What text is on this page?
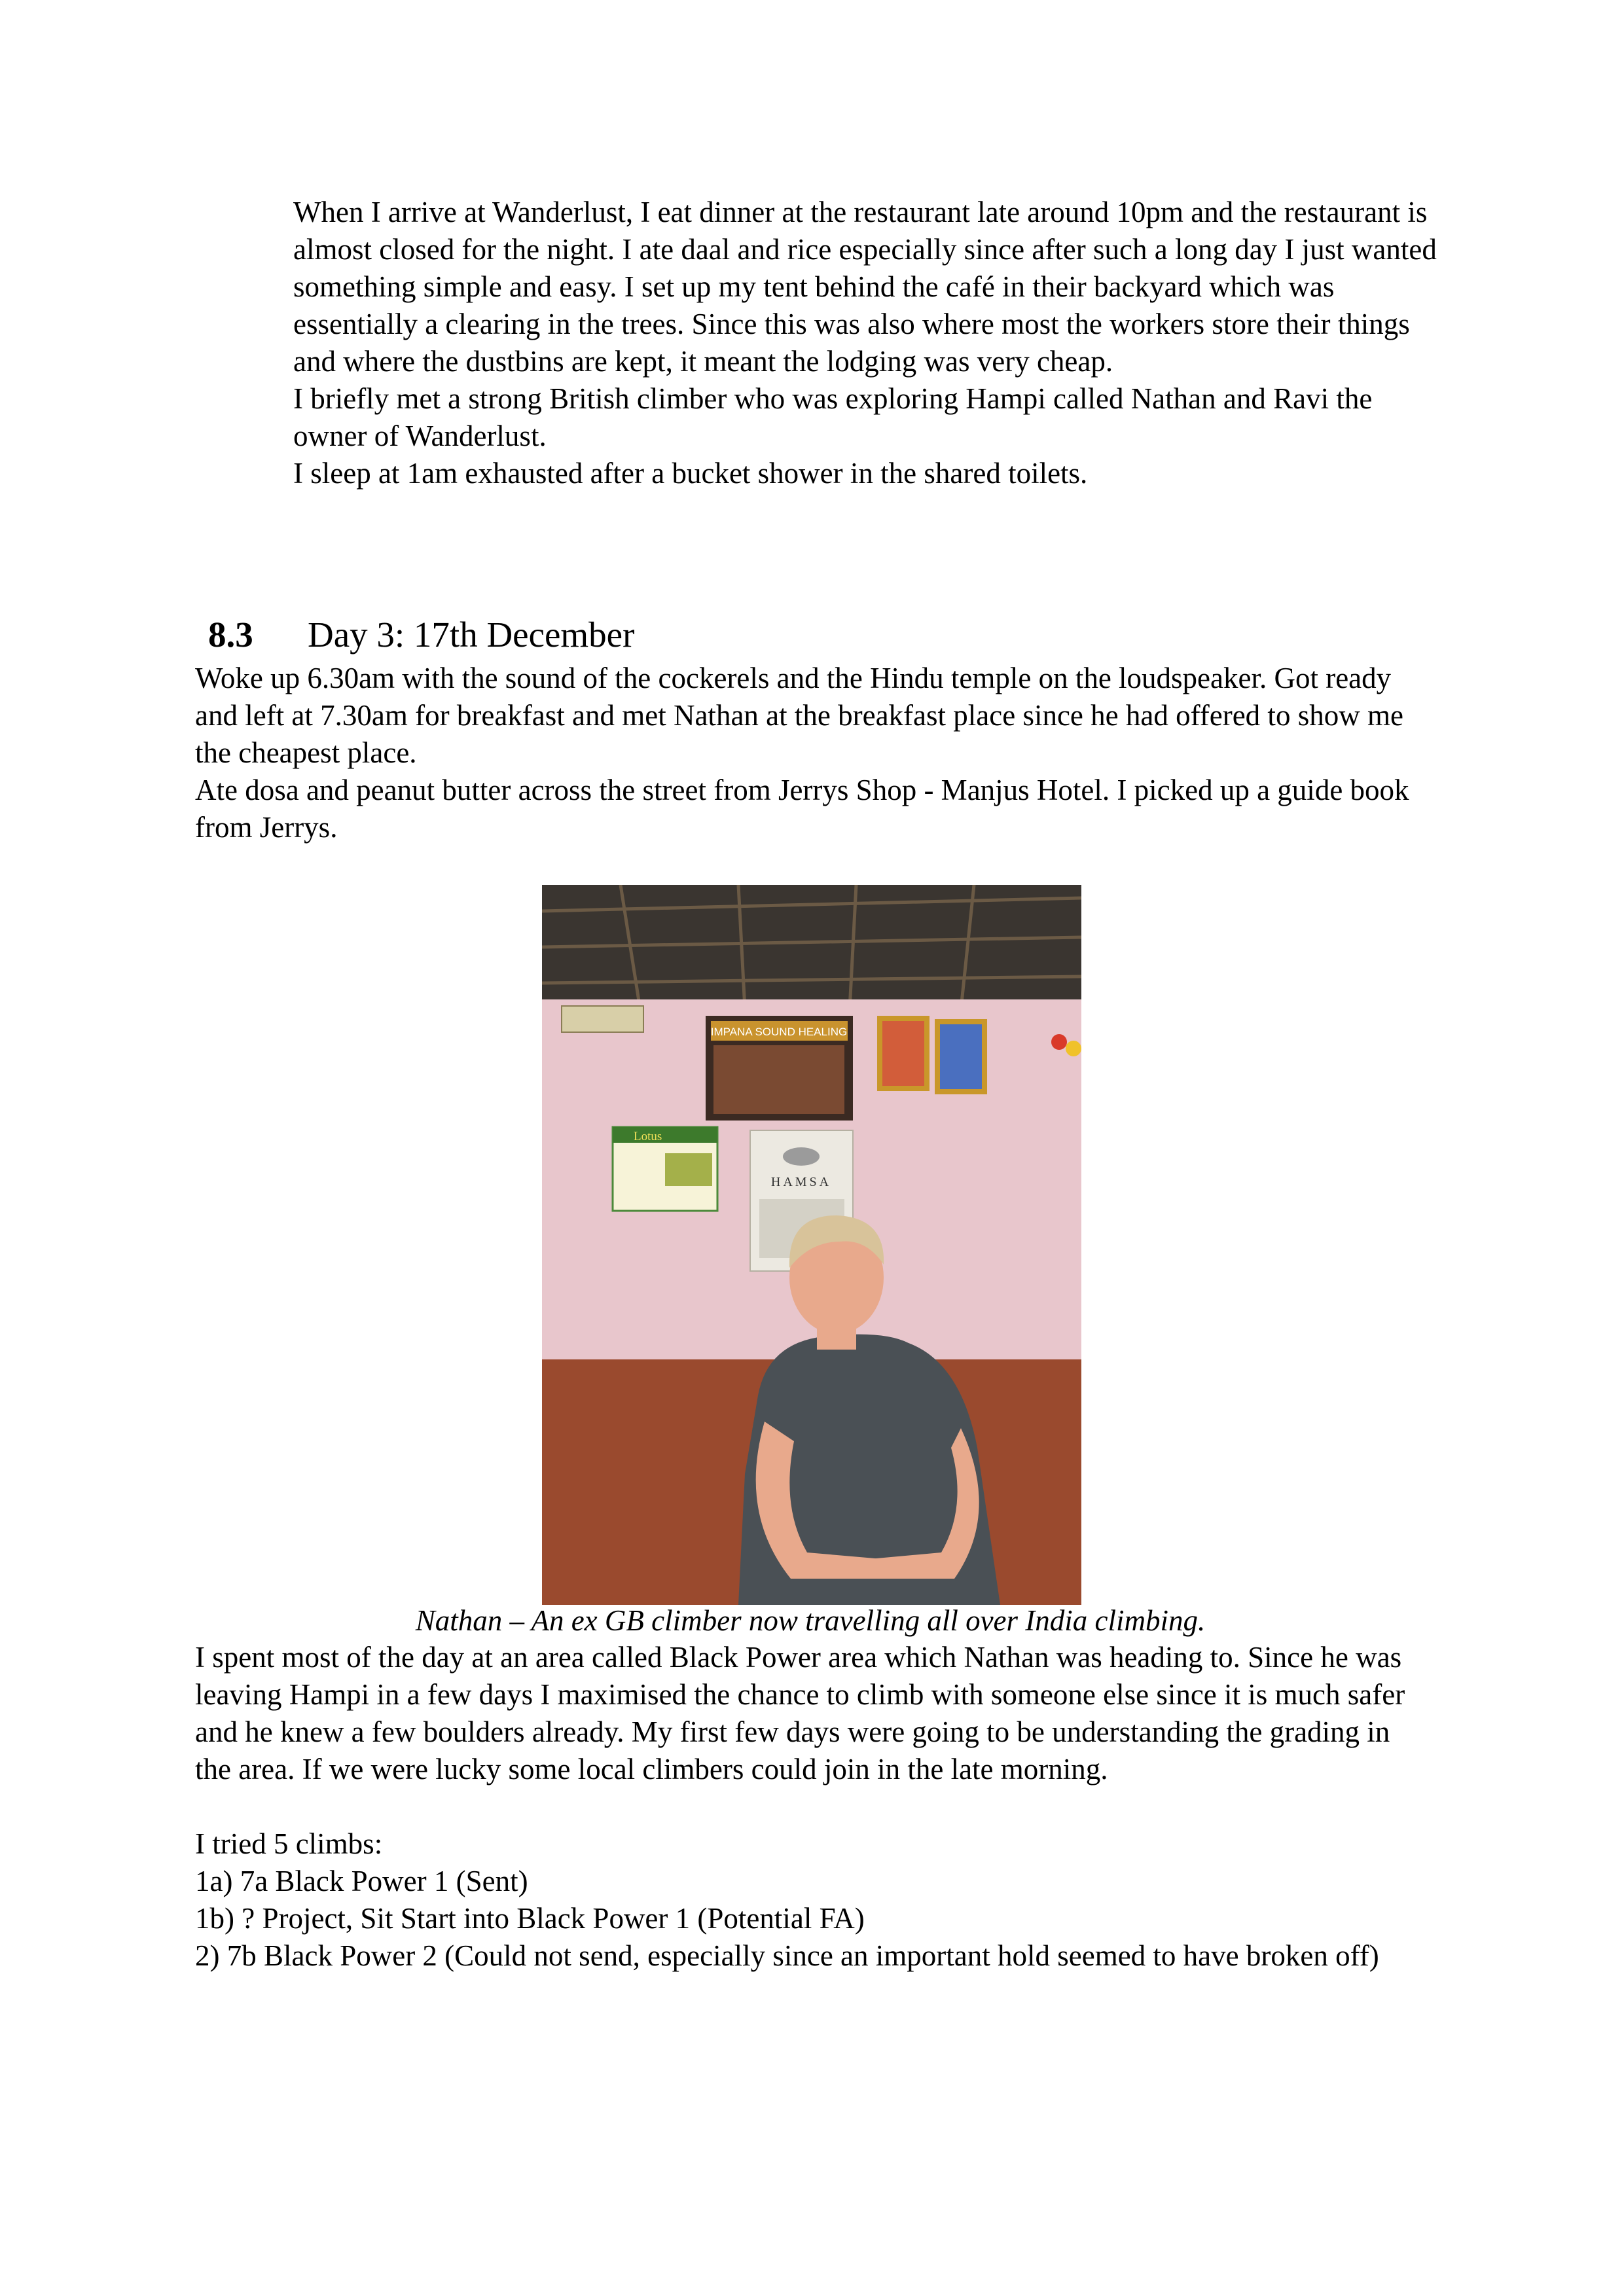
When I arrive at Wanderlust, I eat dinner at the restaurant late around 10pm and the restaurant is almost closed for the night. I ate daal and rice especially since after such a long day I just wanted something simple and easy. I set up my tent behind the café in their backyard which was essentially a clearing in the trees. Since this was also where most the workers store their things and where the dustbins are kept, it meant the lodging was very cheap.

I briefly met a strong British climber who was exploring Hampi called Nathan and Ravi the owner of Wanderlust.

I sleep at 1am exhausted after a bucket shower in the shared toilets.

8.3 Day 3: 17th December

Woke up 6.30am with the sound of the cockerels and the Hindu temple on the loudspeaker. Got ready and left at 7.30am for breakfast and met Nathan at the breakfast place since he had offered to show me the cheapest place.

Ate dosa and peanut butter across the street from Jerrys Shop - Manjus Hotel. I picked up a guide book from Jerrys.

IMPANA SOUND HEALING
Lotus
HAMSA
Nathan – An ex GB climber now travelling all over India climbing.

I spent most of the day at an area called Black Power area which Nathan was heading to. Since he was leaving Hampi in a few days I maximised the chance to climb with someone else since it is much safer and he knew a few boulders already. My first few days were going to be understanding the grading in the area. If we were lucky some local climbers could join in the late morning.

I tried 5 climbs:

1a) 7a Black Power 1 (Sent)

1b) ? Project, Sit Start into Black Power 1 (Potential FA)

2) 7b Black Power 2 (Could not send, especially since an important hold seemed to have broken off)
